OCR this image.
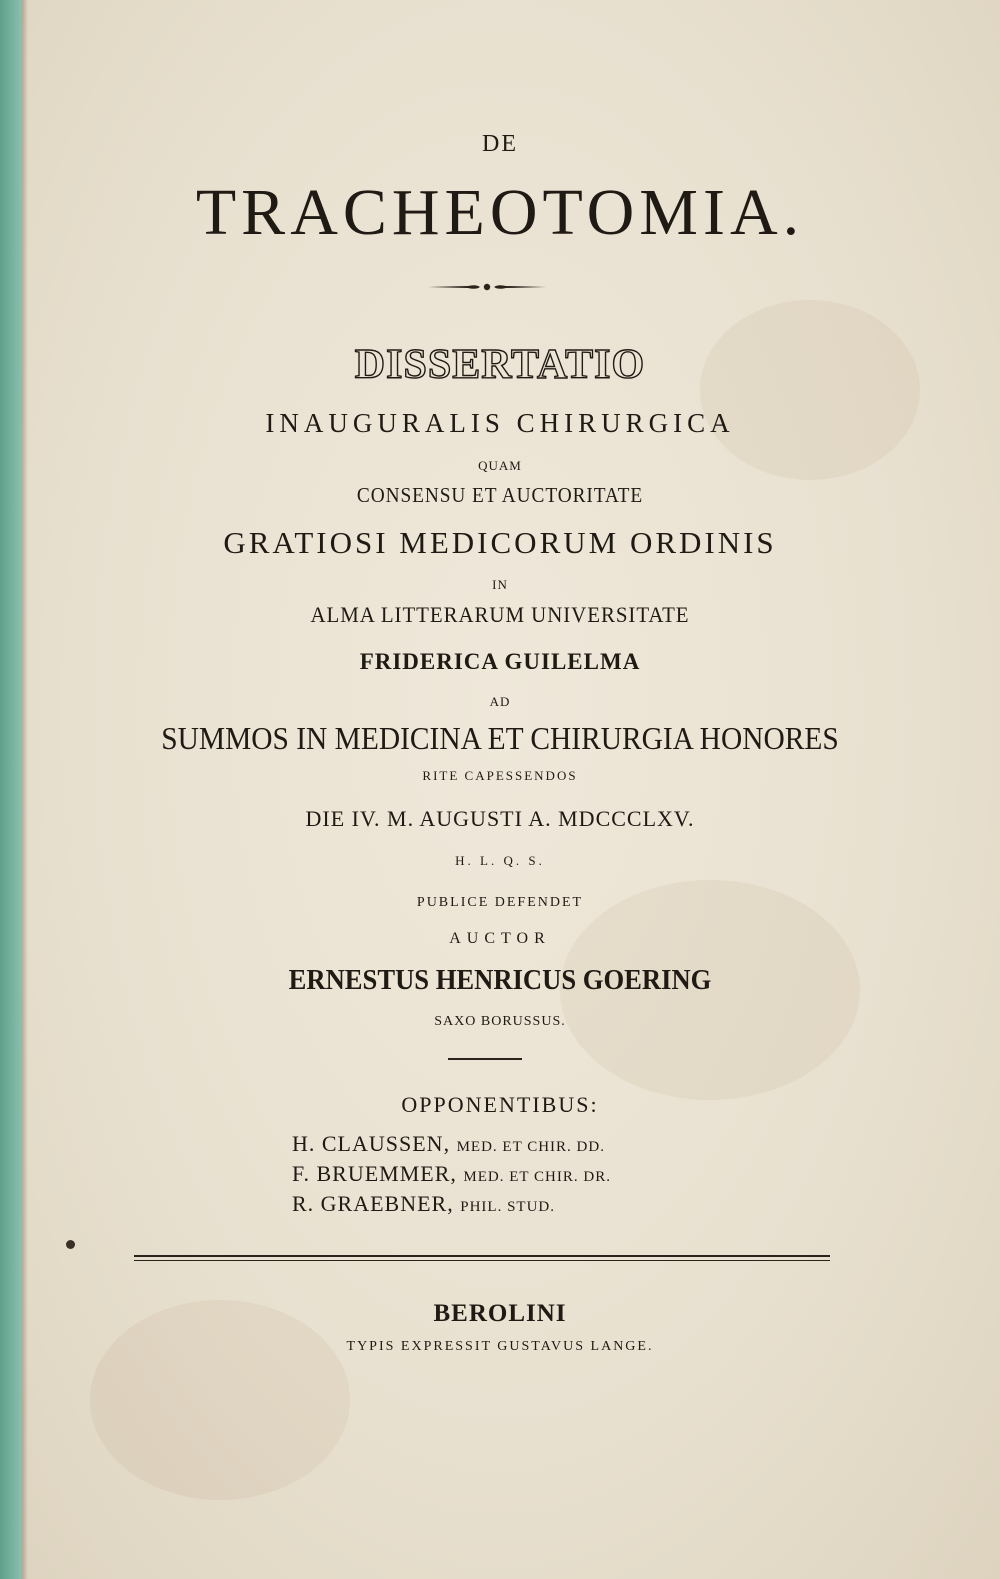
DE
TRACHEOTOMIA.
DISSERTATIO
INAUGURALIS CHIRURGICA
QUAM
CONSENSU ET AUCTORITATE
GRATIOSI MEDICORUM ORDINIS
IN
ALMA LITTERARUM UNIVERSITATE
FRIDERICA GUILELMA
AD
SUMMOS IN MEDICINA ET CHIRURGIA HONORES
RITE CAPESSENDOS
DIE IV. M. AUGUSTI A. MDCCCLXV.
H. L. Q. S.
PUBLICE DEFENDET
AUCTOR
ERNESTUS HENRICUS GOERING
SAXO BORUSSUS.
OPPONENTIBUS:
H. CLAUSSEN, MED. ET CHIR. DD.
F. BRUEMMER, MED. ET CHIR. DR.
R. GRAEBNER, PHIL. STUD.
BEROLINI
TYPIS EXPRESSIT GUSTAVUS LANGE.
